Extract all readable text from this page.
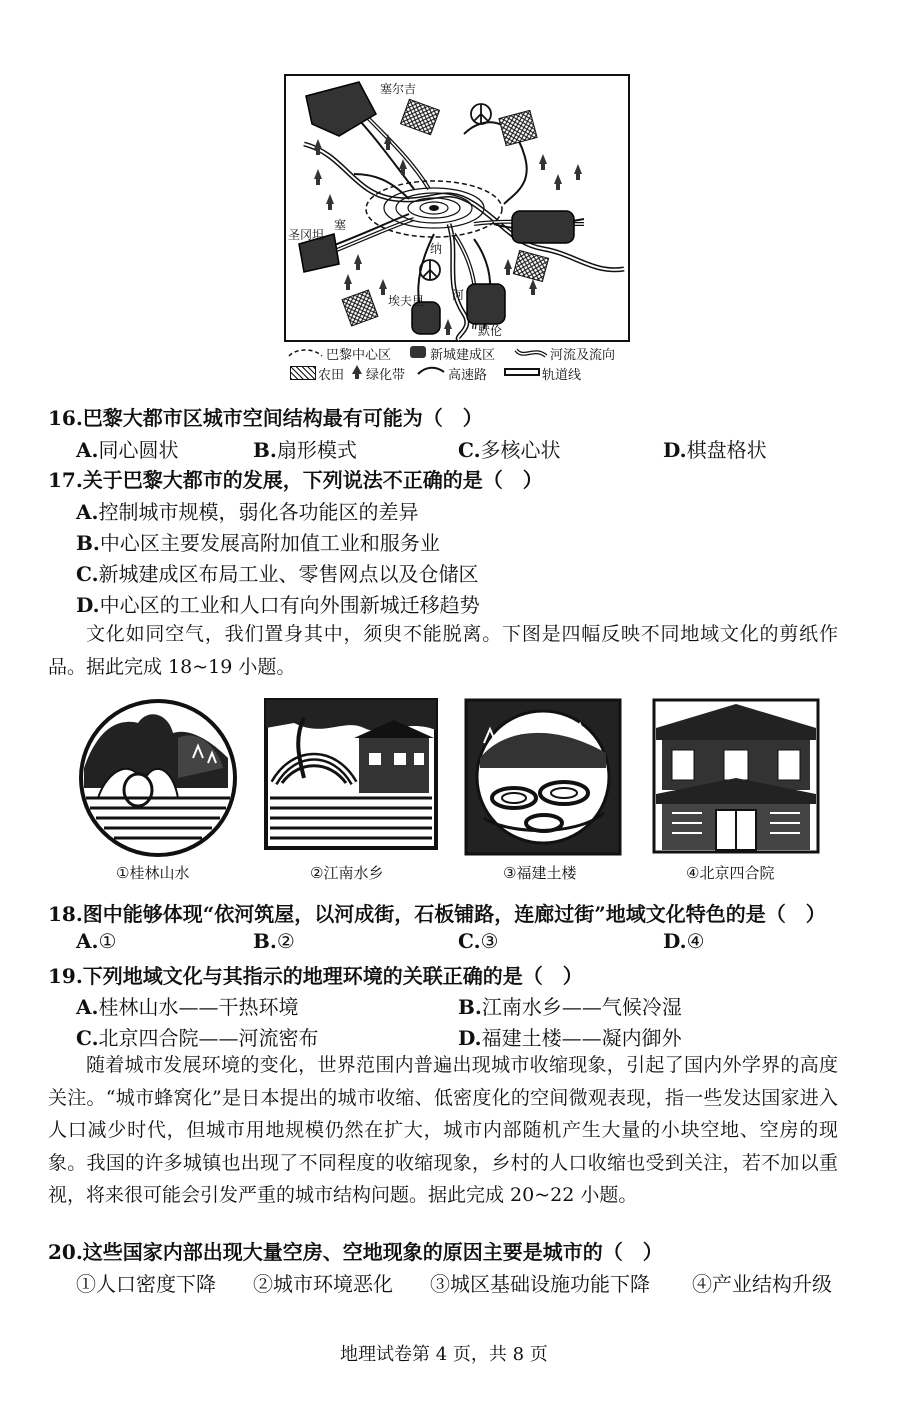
塞尔吉
圣冈坦
塞
纳
河
埃夫里
默伦
巴黎中心区	新城建成区	河流及流向
农田 绿化带	高速路	轨道线
16.巴黎大都市区城市空间结构最有可能为（　）
A.同心圆状	B.扇形模式	C.多核心状	D.棋盘格状
17.关于巴黎大都市的发展，下列说法不正确的是（　）
A.控制城市规模，弱化各功能区的差异
B.中心区主要发展高附加值工业和服务业
C.新城建成区布局工业、零售网点以及仓储区
D.中心区的工业和人口有向外围新城迁移趋势
文化如同空气，我们置身其中，须臾不能脱离。下图是四幅反映不同地域文化的剪纸作品。据此完成 18~19 小题。
①桂林山水	②江南水乡	③福建土楼	④北京四合院
18.图中能够体现“依河筑屋，以河成街，石板铺路，连廊过街”地域文化特色的是（　）
A.①	B.②	C.③	D.④
19.下列地域文化与其指示的地理环境的关联正确的是（　）
A.桂林山水——干热环境	B.江南水乡——气候冷湿
C.北京四合院——河流密布	D.福建土楼——凝内御外
随着城市发展环境的变化，世界范围内普遍出现城市收缩现象，引起了国内外学界的高度关注。“城市蜂窝化”是日本提出的城市收缩、低密度化的空间微观表现，指一些发达国家进入人口减少时代，但城市用地规模仍然在扩大，城市内部随机产生大量的小块空地、空房的现象。我国的许多城镇也出现了不同程度的收缩现象，乡村的人口收缩也受到关注，若不加以重视，将来很可能会引发严重的城市结构问题。据此完成 20~22 小题。
20.这些国家内部出现大量空房、空地现象的原因主要是城市的（　）
①人口密度下降 ②城市环境恶化 ③城区基础设施功能下降 ④产业结构升级
地理试卷第 4 页，共 8 页
